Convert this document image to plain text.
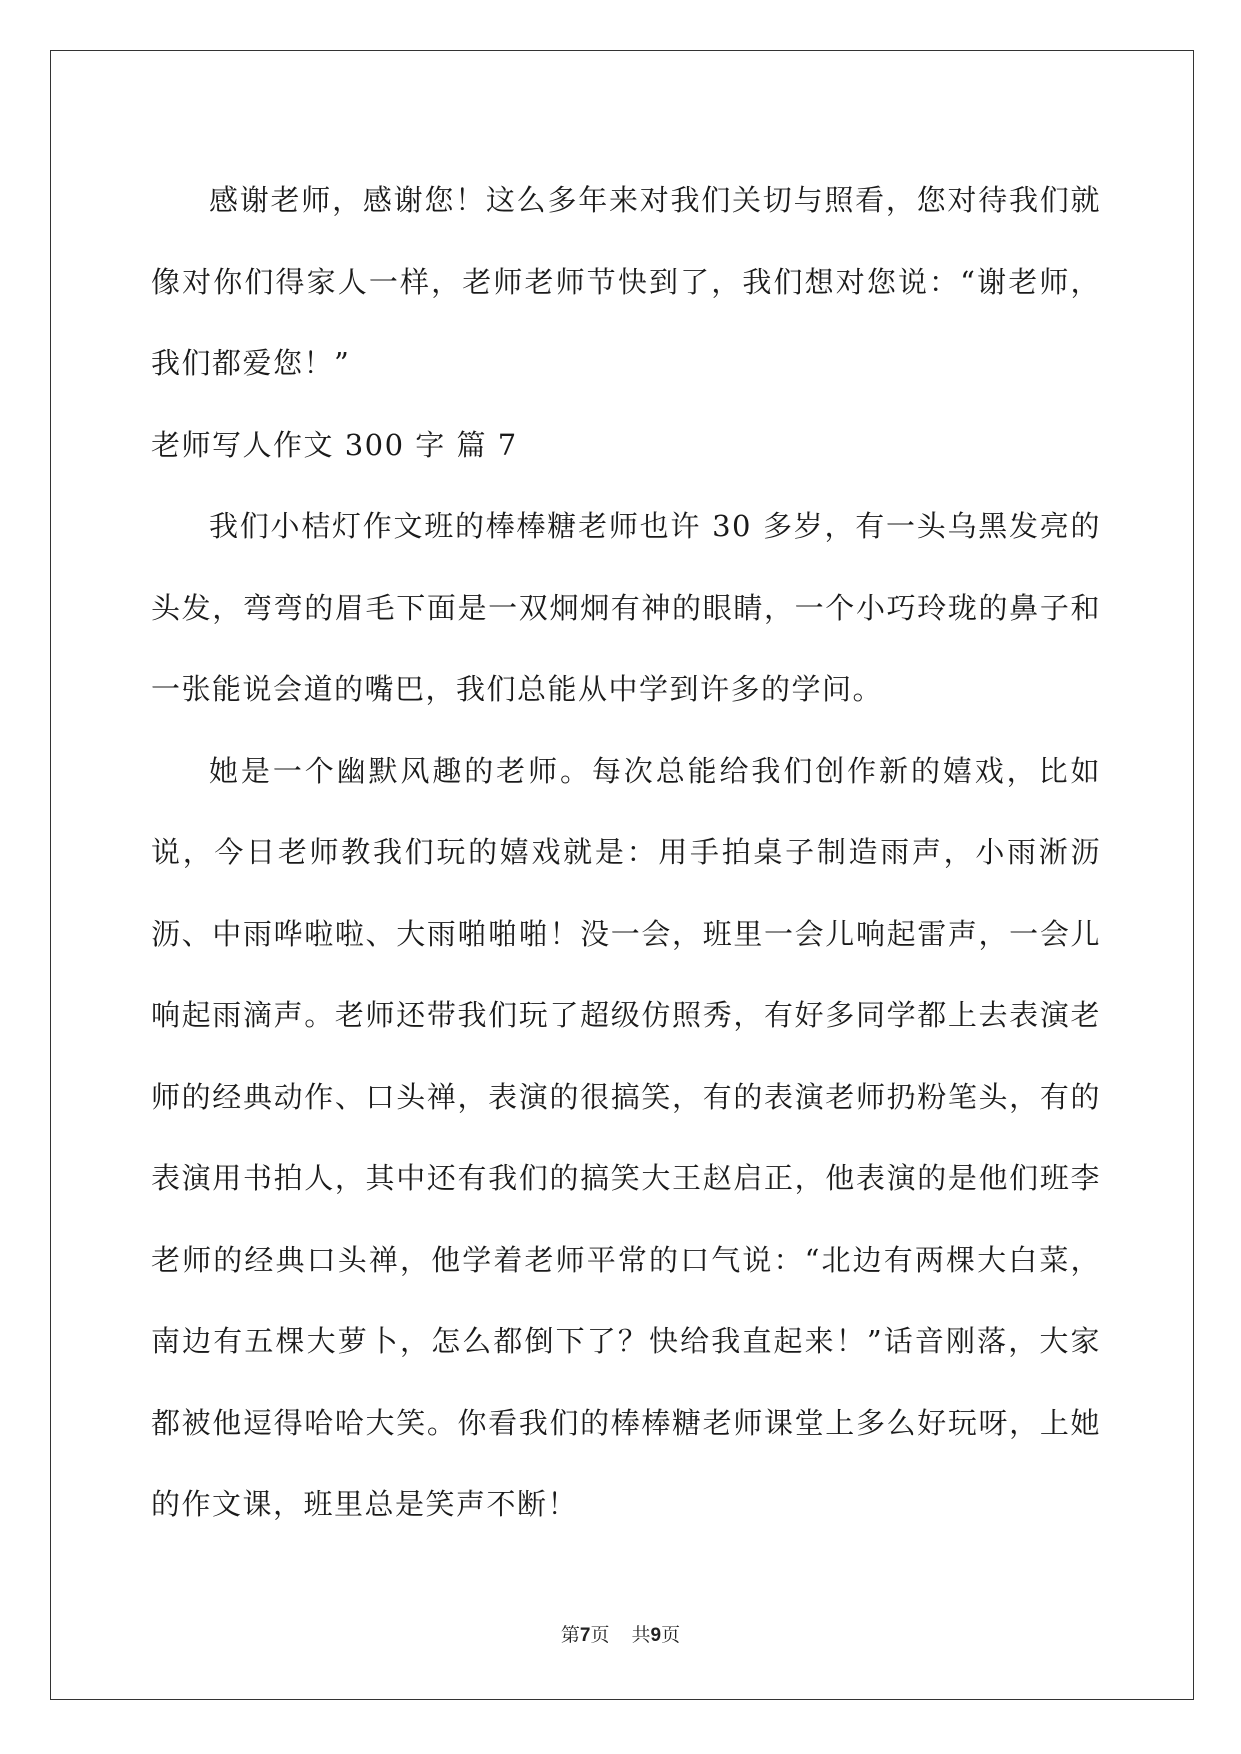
感谢老师，感谢您！这么多年来对我们关切与照看，您对待我们就像对你们得家人一样，老师老师节快到了，我们想对您说：“谢老师，我们都爱您！”

老师写人作文 300 字 篇 7

我们小桔灯作文班的棒棒糖老师也许 30 多岁，有一头乌黑发亮的头发，弯弯的眉毛下面是一双炯炯有神的眼睛，一个小巧玲珑的鼻子和一张能说会道的嘴巴，我们总能从中学到许多的学问。

她是一个幽默风趣的老师。每次总能给我们创作新的嬉戏，比如说，今日老师教我们玩的嬉戏就是：用手拍桌子制造雨声，小雨淅沥沥、中雨哗啦啦、大雨啪啪啪！没一会，班里一会儿响起雷声，一会儿响起雨滴声。老师还带我们玩了超级仿照秀，有好多同学都上去表演老师的经典动作、口头禅，表演的很搞笑，有的表演老师扔粉笔头，有的表演用书拍人，其中还有我们的搞笑大王赵启正，他表演的是他们班李老师的经典口头禅，他学着老师平常的口气说：“北边有两棵大白菜，南边有五棵大萝卜，怎么都倒下了？快给我直起来！”话音刚落，大家都被他逗得哈哈大笑。你看我们的棒棒糖老师课堂上多么好玩呀，上她的作文课，班里总是笑声不断！

第7页 共9页
